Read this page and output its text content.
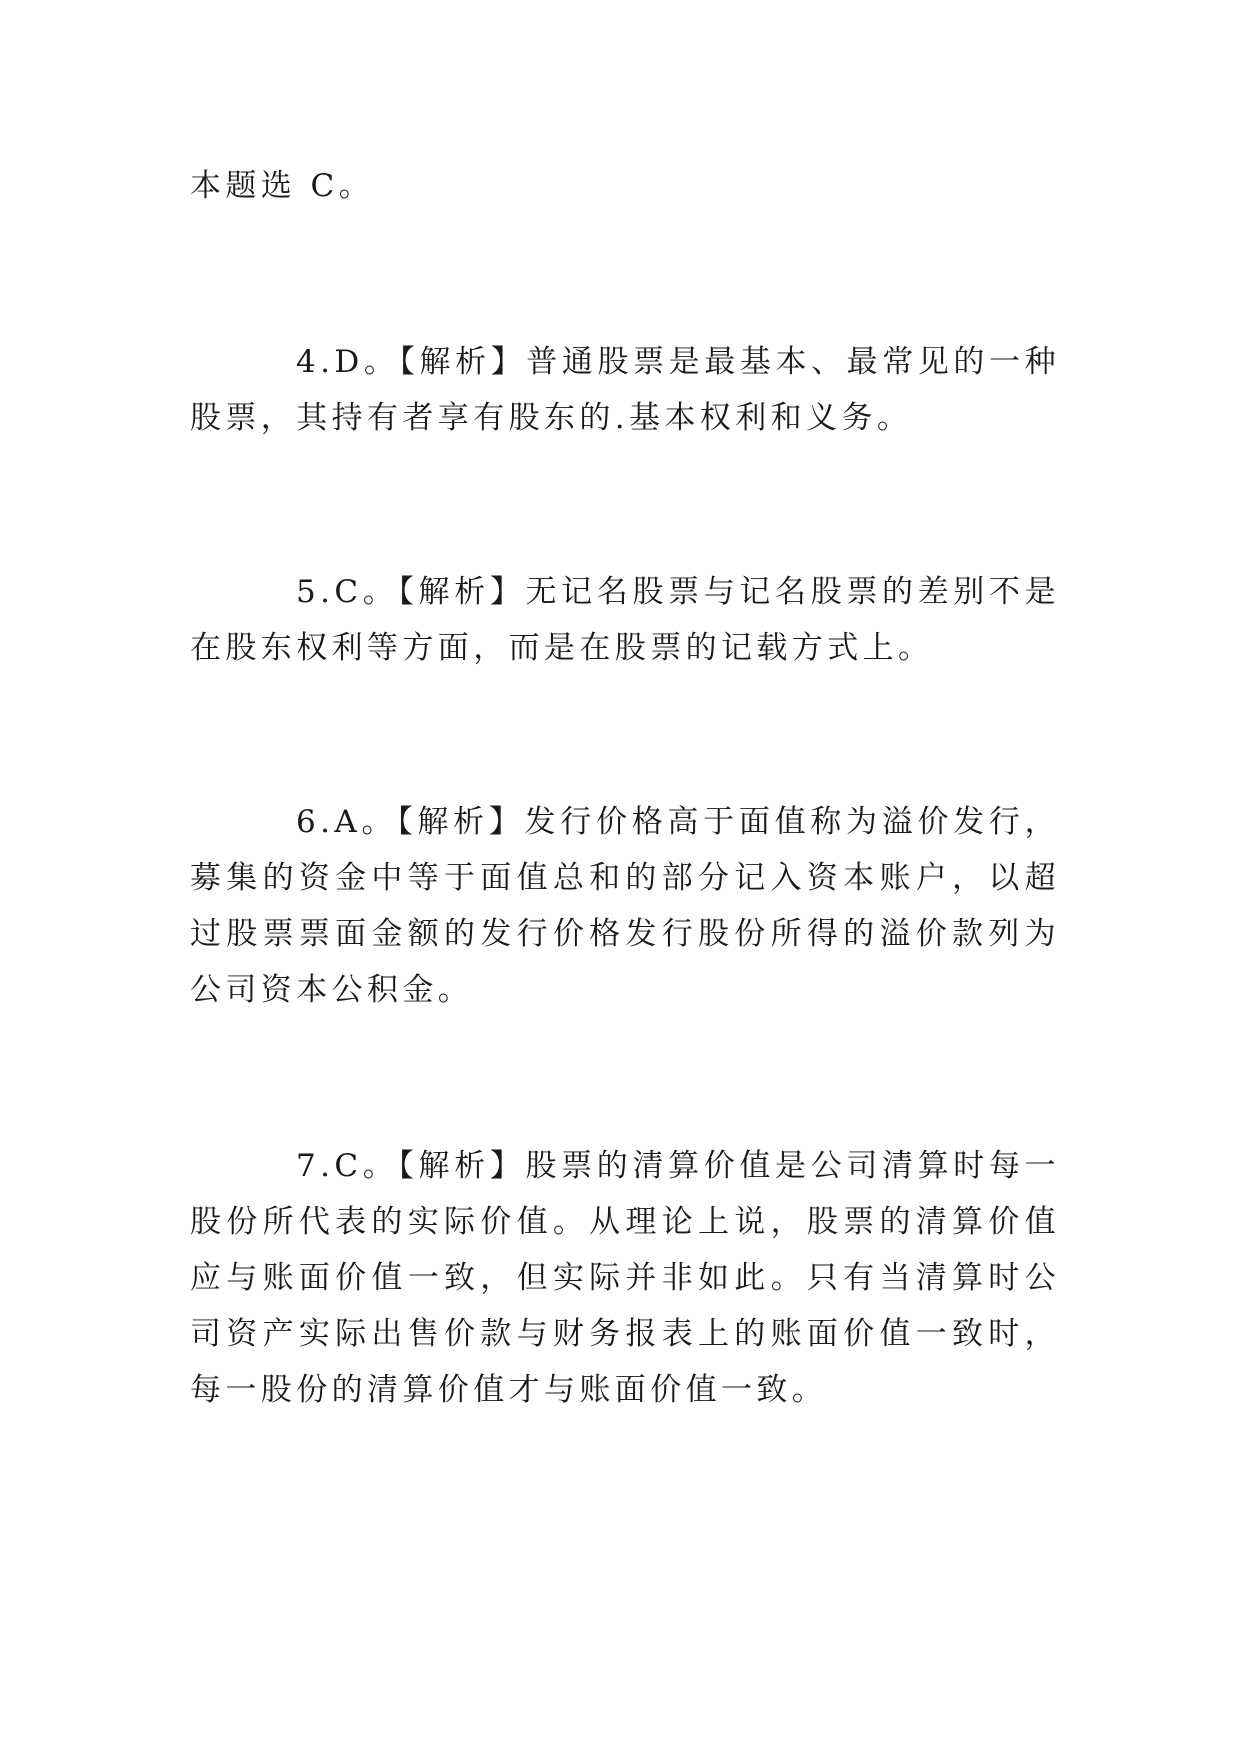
本题选 C。

4.D。【解析】普通股票是最基本、最常见的一种股票，其持有者享有股东的.基本权利和义务。

5.C。【解析】无记名股票与记名股票的差别不是在股东权利等方面，而是在股票的记载方式上。

6.A。【解析】发行价格高于面值称为溢价发行，募集的资金中等于面值总和的部分记入资本账户，以超过股票票面金额的发行价格发行股份所得的溢价款列为公司资本公积金。

7.C。【解析】股票的清算价值是公司清算时每一股份所代表的实际价值。从理论上说，股票的清算价值应与账面价值一致，但实际并非如此。只有当清算时公司资产实际出售价款与财务报表上的账面价值一致时，每一股份的清算价值才与账面价值一致。
